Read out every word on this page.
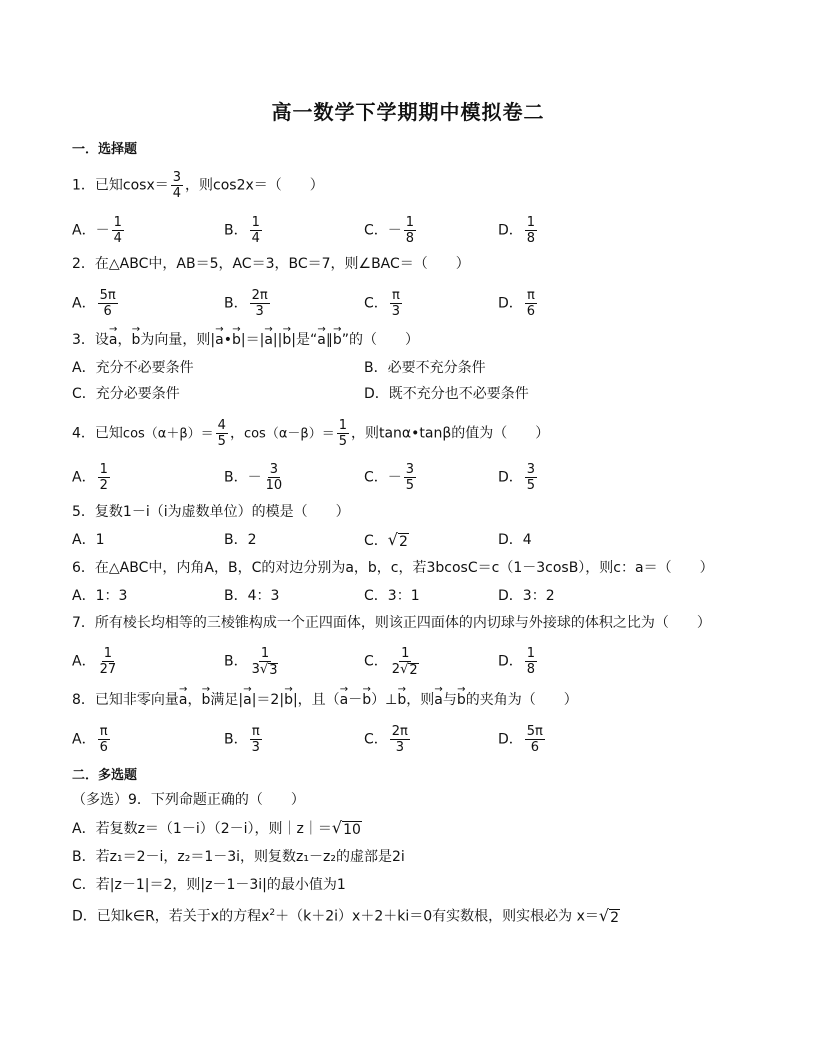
高一数学下学期期中模拟卷二
一．选择题
1．已知$\cos x= \frac{3}{4}$ ，则cos2x＝（　　）
A．－ $\frac{1}{4}$	B． $\frac{1}{4}$	C．－ $\frac{1}{8}$	D． $\frac{1}{8}$
2．在△ABC中，AB＝5，AC＝3，BC＝7，则∠BAC＝（　　）
A． $\frac{5\pi}{6}$	B． $\frac{2\pi}{3}$	C． $\frac{\pi}{3}$	D． $\frac{\pi}{6}$
3．设→ a，→ b为向量，则|→ a•→ b|＝|→ a||→ b|是“→ a∥→ b”的（　　）
A．充分不必要条件	B．必要不充分条件
C．充分必要条件	D．既不充分也不必要条件
4．已知$\cos(\alpha+\beta)= \frac{4}{5}$ ，$\cos(\alpha-\beta)= \frac{1}{5}$ ，则tanα•tanβ的值为（　　）
A． $\frac{1}{2}$	B．－ $\frac{3}{10}$	C．－ $\frac{3}{5}$	D． $\frac{3}{5}$
5．复数1－i（i为虚数单位）的模是（　　）
A．1	B．2	C． √ 2	D．4
6．在△ABC中，内角A，B，C的对边分别为a，b，c，若3bcosC＝c（1－3cosB），则c：a＝（　　）
A．1：3	B．4：3	C．3：1	D．3：2
7．所有棱长均相等的三棱锥构成一个正四面体，则该正四面体的内切球与外接球的体积之比为（　　）
A． $\frac{1}{27}$	B． $\frac{1}{3 √ 3}$	C． $\frac{1}{2 √ 2}$	D． $\frac{1}{8}$
8．已知非零向量→ a，→ b满足|→ a|＝2|→ b|，且（→ a－→ b）⊥→ b，则→ a与→ b的夹角为（　　）
A． $\frac{\pi}{6}$	B． $\frac{\pi}{3}$	C． $\frac{2\pi}{3}$	D． $\frac{5\pi}{6}$
二．多选题
（多选）9．下列命题正确的（　　）
A．若复数z＝（1－i）（2－i），则｜z｜＝ √ 10
B．若z₁＝2－i，z₂＝1－3i，则复数z₁－z₂的虚部是2i
C．若|z－1|＝2，则|z－1－3i|的最小值为1
D．已知k∈R，若关于x的方程$x^2+(k+2i)x+2+ki=0$有实数根，则实根必为 x＝ √ 2
